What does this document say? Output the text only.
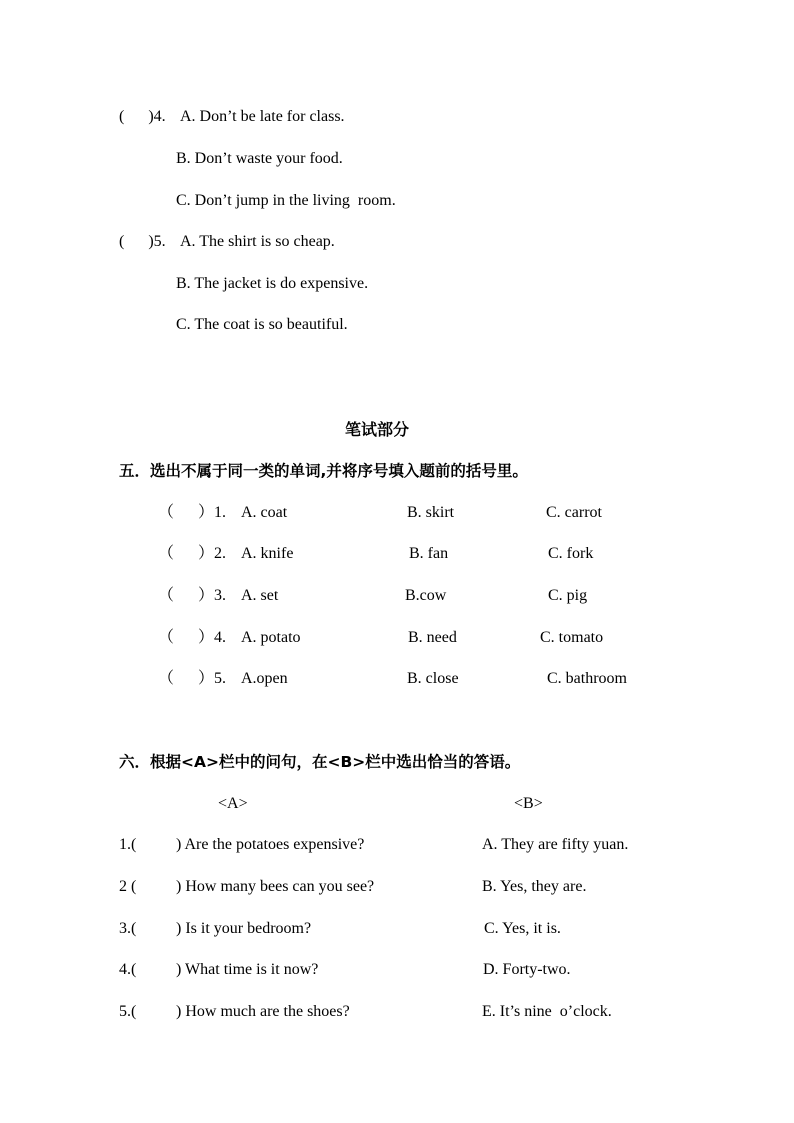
(      )4. A. Don’t be late for class.
B. Don’t waste your food.
C. Don’t jump in the living  room.
(      )5. A. The shirt is so cheap.
B. The jacket is do expensive.
C. The coat is so beautiful.
笔试部分
五．选出不属于同一类的单词,并将序号填入题前的括号里。
（      ）1. A. coat	B. skirt	C. carrot
（      ）2. A. knife	B. fan	C. fork
（      ）3. A. set	B.cow	C. pig
（      ）4. A. potato	B. need	C. tomato
（      ）5. A.open	B. close	C. bathroom
六．根据<A>栏中的问句，在<B>栏中选出恰当的答语。
<A>	<B>
1.( ) Are the potatoes expensive?	A. They are fifty yuan.
2 ( ) How many bees can you see?	B. Yes, they are.
3.( ) Is it your bedroom?	C. Yes, it is.
4.( ) What time is it now?	D. Forty-two.
5.( ) How much are the shoes?	E. It’s nine  o’clock.
